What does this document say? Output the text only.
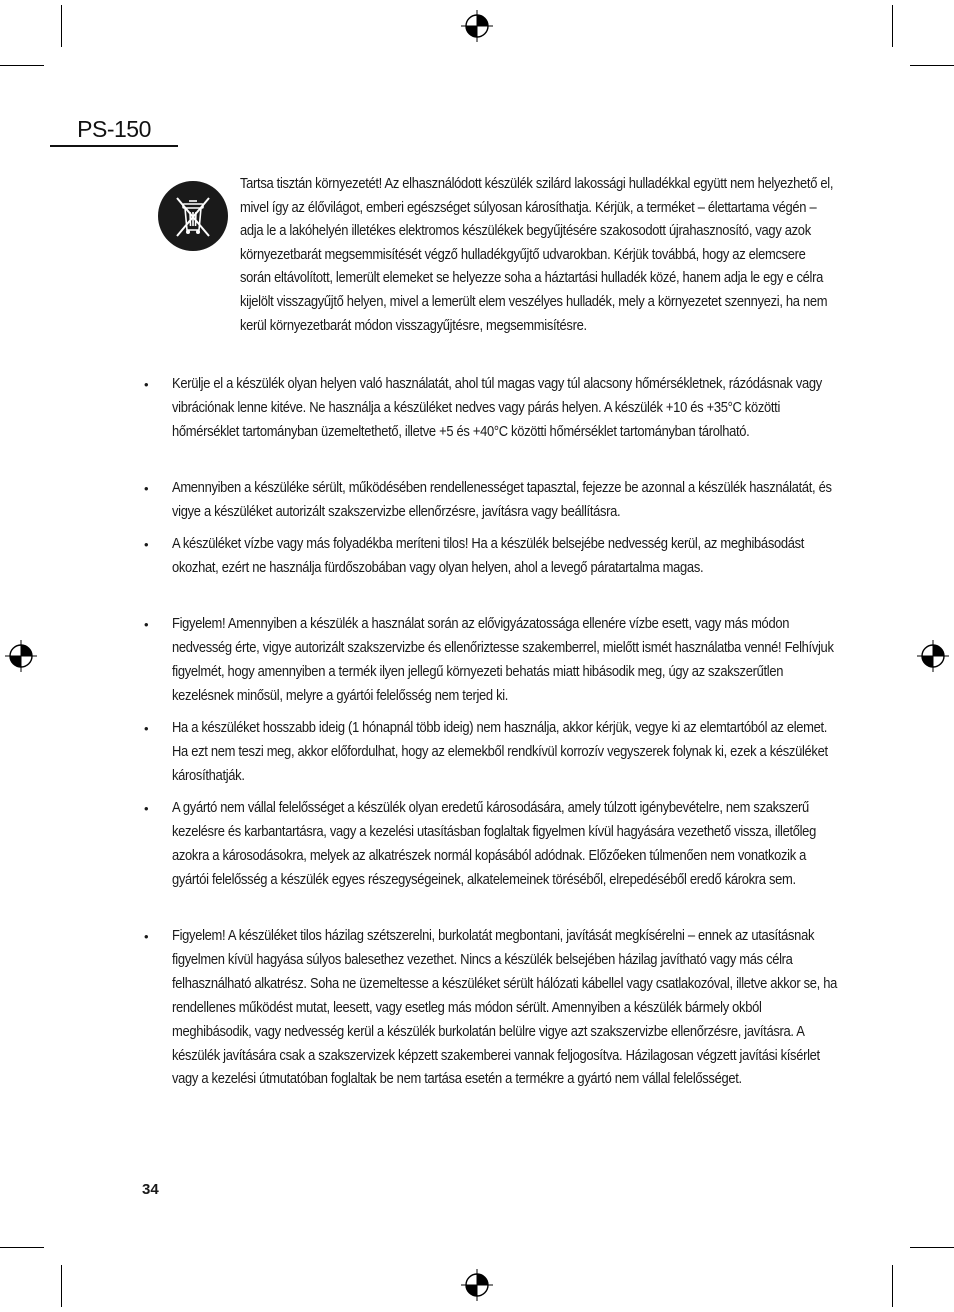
PS-150
Tartsa tisztán környezetét! Az elhasználódott készülék szilárd lakossági hulladékkal együtt nem helyezhető el, mivel így az élővilágot, emberi egészséget súlyosan károsíthatja. Kérjük, a terméket – élettartama végén – adja le a lakóhelyén illetékes elektromos készülékek begyűjtésére szakosodott újrahasznosító, vagy azok környezetbarát megsemmisítését végző hulladékgyűjtő udvarokban. Kérjük továbbá, hogy az elemcsere során eltávolított, lemerült elemeket se helyezze soha a háztartási hulladék közé, hanem adja le egy e célra kijelölt visszagyűjtő helyen, mivel a lemerült elem veszélyes hulladék, mely a környezetet szennyezi, ha nem kerül környezetbarát módon visszagyűjtésre, megsemmisítésre.
• Kerülje el a készülék olyan helyen való használatát, ahol túl magas vagy túl alacsony hőmérsékletnek, rázódásnak vagy vibrációnak lenne kitéve. Ne használja a készüléket nedves vagy párás helyen. A készülék +10 és +35°C közötti hőmérséklet tartományban üzemeltethető, illetve +5 és +40°C közötti hőmérséklet tartományban tárolható.
• Amennyiben a készüléke sérült, működésében rendellenességet tapasztal, fejezze be azonnal a készülék használatát, és vigye a készüléket autorizált szakszervizbe ellenőrzésre, javításra vagy beállításra.
• A készüléket vízbe vagy más folyadékba meríteni tilos! Ha a készülék belsejébe nedvesség kerül, az meghibásodást okozhat, ezért ne használja fürdőszobában vagy olyan helyen, ahol a levegő páratartalma magas.
• Figyelem! Amennyiben a készülék a használat során az elővigyázatossága ellenére vízbe esett, vagy más módon nedvesség érte, vigye autorizált szakszervizbe és ellenőriztesse szakemberrel, mielőtt ismét használatba venné! Felhívjuk figyelmét, hogy amennyiben a termék ilyen jellegű környezeti behatás miatt hibásodik meg, úgy az szakszerűtlen kezelésnek minősül, melyre a gyártói felelősség nem terjed ki.
• Ha a készüléket hosszabb ideig (1 hónapnál több ideig) nem használja, akkor kérjük, vegye ki az elemtartóból az elemet. Ha ezt nem teszi meg, akkor előfordulhat, hogy az elemekből rendkívül korrozív vegyszerek folynak ki, ezek a készüléket károsíthatják.
• A gyártó nem vállal felelősséget a készülék olyan eredetű károsodására, amely túlzott igénybevételre, nem szakszerű kezelésre és karbantartásra, vagy a kezelési utasításban foglaltak figyelmen kívül hagyására vezethető vissza, illetőleg azokra a károsodásokra, melyek az alkatrészek normál kopásából adódnak. Előzőeken túlmenően nem vonatkozik a gyártói felelősség a készülék egyes részegységeinek, alkatelemeinek töréséből, elrepedéséből eredő károkra sem.
• Figyelem! A készüléket tilos házilag szétszerelni, burkolatát megbontani, javítását megkísérelni – ennek az utasításnak figyelmen kívül hagyása súlyos balesethez vezethet. Nincs a készülék belsejében házilag javítható vagy más célra felhasználható alkatrész. Soha ne üzemeltesse a készüléket sérült hálózati kábellel vagy csatlakozóval, illetve akkor se, ha rendellenes működést mutat, leesett, vagy esetleg más módon sérült. Amennyiben a készülék bármely okból meghibásodik, vagy nedvesség kerül a készülék burkolatán belülre vigye azt szakszervizbe ellenőrzésre, javításra. A készülék javítására csak a szakszervizek képzett szakemberei vannak feljogosítva. Házilagosan végzett javítási kísérlet vagy a kezelési útmutatóban foglaltak be nem tartása esetén a termékre a gyártó nem vállal felelősséget.
34
